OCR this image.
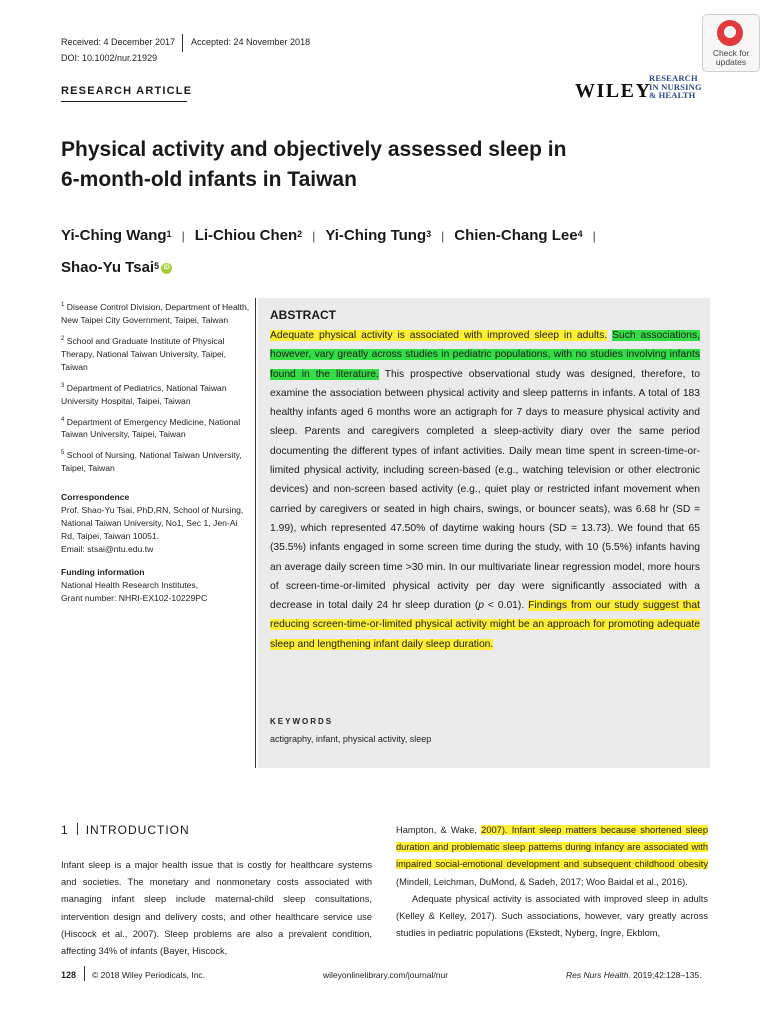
Received: 4 December 2017 Accepted: 24 November 2018
DOI: 10.1002/nur.21929	Check for
updates
RESEARCH ARTICLE	WILEY
RESEARCH
IN NURSING
& HEALTH
Physical activity and objectively assessed sleep in
6-month-old infants in Taiwan
Yi-Ching Wang$^1$ | Li-Chiou Chen$^2$ | Yi-Ching Tung$^3$ | Chien-Chang Lee$^4$ |
Shao-Yu Tsai$^5$ iD
$^1$ Disease Control Division, Department of Health, New Taipei City Government, Taipei, Taiwan
$^2$ School and Graduate Institute of Physical Therapy, National Taiwan University, Taipei, Taiwan
$^3$ Department of Pediatrics, National Taiwan University Hospital, Taipei, Taiwan
$^4$ Department of Emergency Medicine, National Taiwan University, Taipei, Taiwan
$^5$ School of Nursing, National Taiwan University, Taipei, Taiwan
Correspondence
Prof. Shao-Yu Tsai, PhD,RN, School of Nursing, National Taiwan University, No1, Sec 1, Jen-Ai Rd, Taipei, Taiwan 10051.
Email: stsai@ntu.edu.tw
Funding information
National Health Research Institutes,
Grant number: NHRI-EX102-10229PC
ABSTRACT
Adequate physical activity is associated with improved sleep in adults. Such associations, however, vary greatly across studies in pediatric populations, with no studies involving infants found in the literature. This prospective observational study was designed, therefore, to examine the association between physical activity and sleep patterns in infants. A total of 183 healthy infants aged 6 months wore an actigraph for 7 days to measure physical activity and sleep. Parents and caregivers completed a sleep-activity diary over the same period documenting the different types of infant activities. Daily mean time spent in screen-time-or-limited physical activity, including screen-based (e.g., watching television or other electronic devices) and non-screen based activity (e.g., quiet play or restricted infant movement when carried by caregivers or seated in high chairs, swings, or bouncer seats), was 6.68 hr (SD = 1.99), which represented 47.50% of daytime waking hours (SD = 13.73). We found that 65 (35.5%) infants engaged in some screen time during the study, with 10 (5.5%) infants having an average daily screen time >30 min. In our multivariate linear regression model, more hours of screen-time-or-limited physical activity per day were significantly associated with a decrease in total daily 24 hr sleep duration (p < 0.01). Findings from our study suggest that reducing screen-time-or-limited physical activity might be an approach for promoting adequate sleep and lengthening infant daily sleep duration.
KEYWORDS
actigraphy, infant, physical activity, sleep
1 INTRODUCTION
Infant sleep is a major health issue that is costly for healthcare systems and societies. The monetary and nonmonetary costs associated with managing infant sleep include maternal-child sleep consultations, intervention design and delivery costs, and other healthcare service use (Hiscock et al., 2007). Sleep problems are also a prevalent condition, affecting 34% of infants (Bayer, Hiscock,
Hampton, & Wake, 2007). Infant sleep matters because shortened sleep duration and problematic sleep patterns during infancy are associated with impaired social-emotional development and subsequent childhood obesity (Mindell, Leichman, DuMond, & Sadeh, 2017; Woo Baidal et al., 2016).
Adequate physical activity is associated with improved sleep in adults (Kelley & Kelley, 2017). Such associations, however, vary greatly across studies in pediatric populations (Ekstedt, Nyberg, Ingre, Ekblom,
128 © 2018 Wiley Periodicals, Inc.	wileyonlinelibrary.com/journal/nur	Res Nurs Health. 2019;42:128–135.
